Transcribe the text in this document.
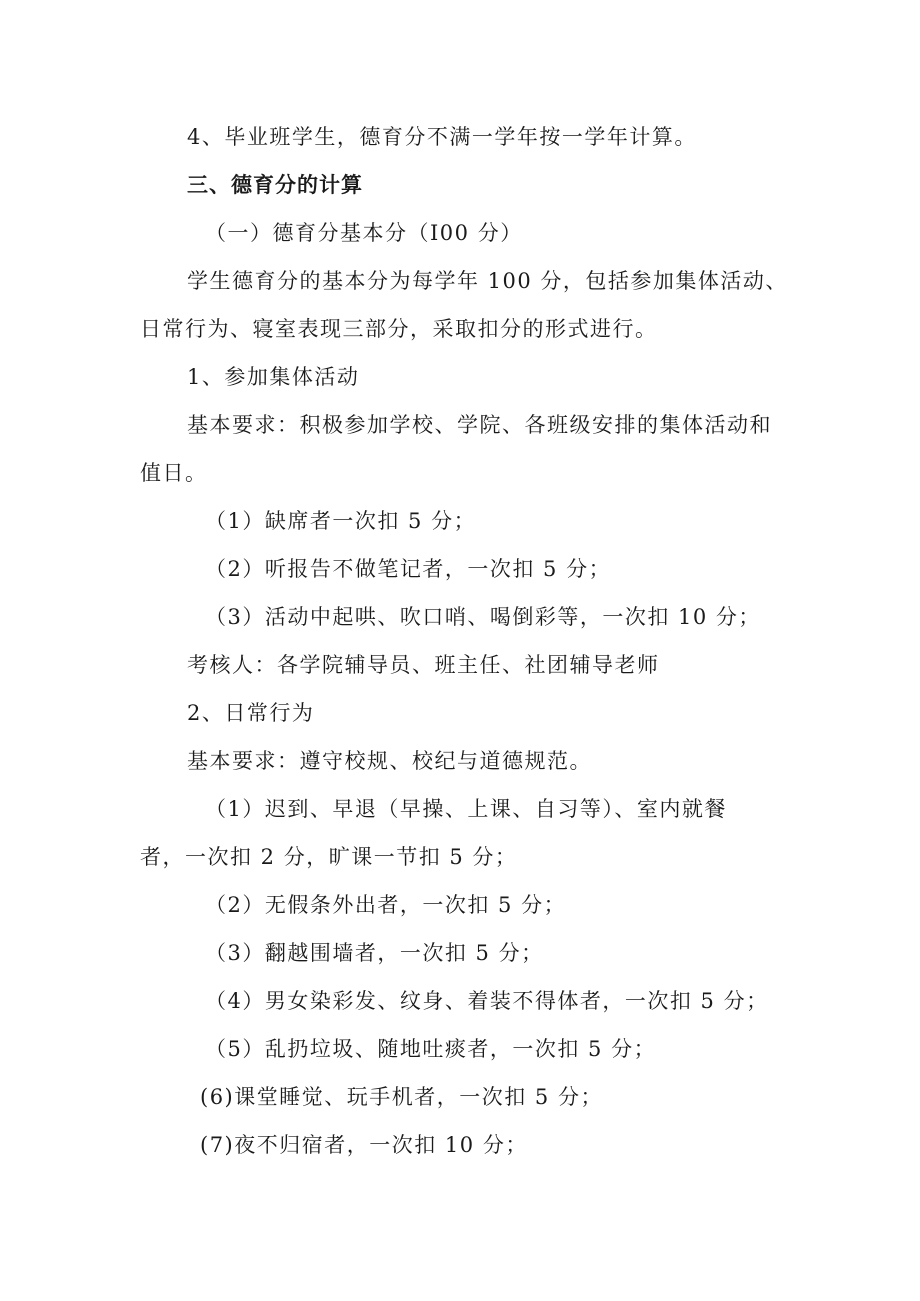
4、毕业班学生，德育分不满一学年按一学年计算。
三、德育分的计算
（一）德育分基本分（I00 分）
学生德育分的基本分为每学年 100 分，包括参加集体活动、
日常行为、寝室表现三部分，采取扣分的形式进行。
1、参加集体活动
基本要求：积极参加学校、学院、各班级安排的集体活动和
值日。
（1）缺席者一次扣 5 分；
（2）听报告不做笔记者，一次扣 5 分；
（3）活动中起哄、吹口哨、喝倒彩等，一次扣 10 分；
考核人：各学院辅导员、班主任、社团辅导老师
2、日常行为
基本要求：遵守校规、校纪与道德规范。
（1）迟到、早退（早操、上课、自习等）、室内就餐
者，一次扣 2 分，旷课一节扣 5 分；
（2）无假条外出者，一次扣 5 分；
（3）翻越围墙者，一次扣 5 分；
（4）男女染彩发、纹身、着装不得体者，一次扣 5 分；
（5）乱扔垃圾、随地吐痰者，一次扣 5 分；
(6)课堂睡觉、玩手机者，一次扣 5 分；
(7)夜不归宿者，一次扣 10 分；
